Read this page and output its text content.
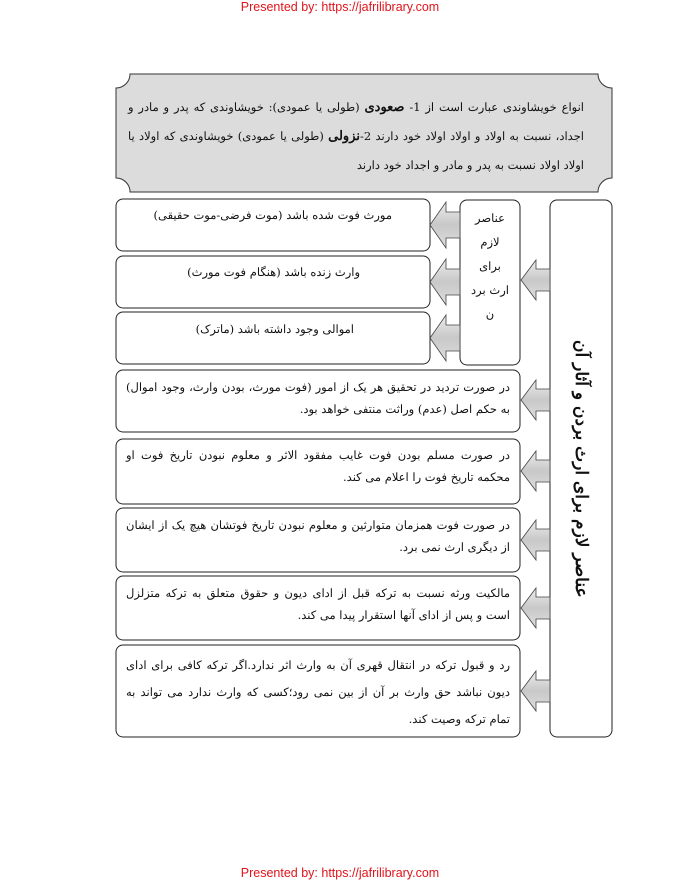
Presented by: https://jafrilibrary.com
انواع خویشاوندی عبارت است از 1- صعودی (طولی یا عمودی): خویشاوندی که پدر و مادر و اجداد، نسبت به اولاد و اولاد اولاد خود دارند 2-نزولی (طولی یا عمودی) خویشاوندی که اولاد یا اولاد اولاد نسبت به پدر و مادر و اجداد خود دارند
عناصر
لازم
برای
ارث برد
ن
عناصر لازم برای ارث بردن و آثار آن
مورث فوت شده باشد (موت فرضی-موت حقیقی)
وارث زنده باشد (هنگام فوت مورث)
اموالی وجود داشته باشد (ماترک)
در صورت تردید در تحقیق هر یک از امور (فوت مورث، بودن وارث، وجود اموال) به حکم اصل (عدم) وراثت منتفی خواهد بود.
در صورت مسلم بودن فوت غایب مفقود الاثر و معلوم نبودن تاریخ فوت او محکمه تاریخ فوت را اعلام می کند.
در صورت فوت همزمان متوارثین و معلوم نبودن تاریخ فوتشان هیچ یک از ایشان از دیگری ارث نمی برد.
مالکیت ورثه نسبت به ترکه قبل از ادای دیون و حقوق متعلق به ترکه متزلزل است و پس از ادای آنها استقرار پیدا می کند.
رد و قبول ترکه در انتقال قهری آن به وارث اثر ندارد.اگر ترکه کافی برای ادای دیون نباشد حق وارث بر آن از بین نمی رود؛کسی که وارث ندارد می تواند به تمام ترکه وصیت کند.
Presented by: https://jafrilibrary.com
